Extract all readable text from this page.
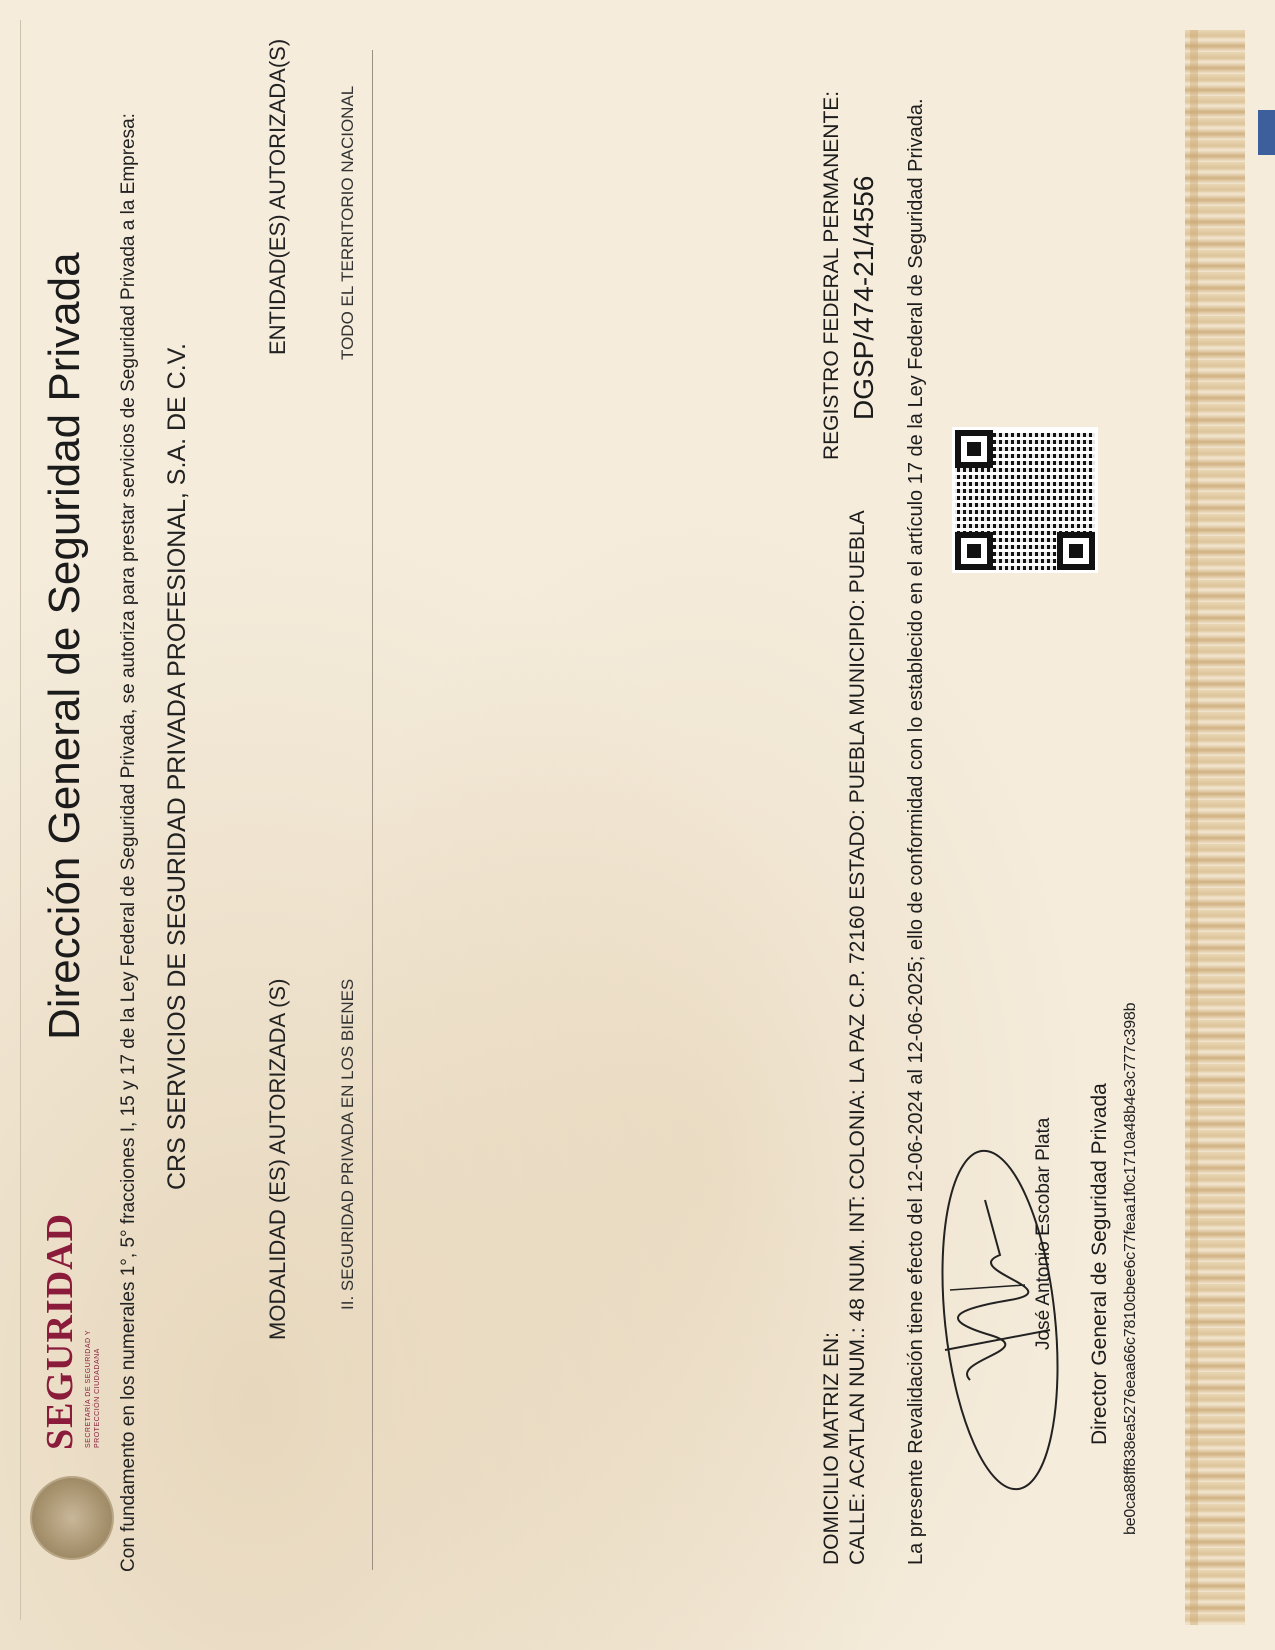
SEGURIDAD SECRETARÍA DE SEGURIDAD Y PROTECCIÓN CIUDADANA
Dirección General de Seguridad Privada Con fundamento en los numerales 1°, 5° fracciones I, 15 y 17 de la Ley Federal de Seguridad Privada, se autoriza para prestar servicios de Seguridad Privada a la Empresa: CRS SERVICIOS DE SEGURIDAD PRIVADA PROFESIONAL, S.A. DE C.V.	MODALIDAD (ES) AUTORIZADA (S)	II. SEGURIDAD PRIVADA EN LOS BIENES
ENTIDAD(ES) AUTORIZADA(S)	TODO EL TERRITORIO NACIONAL
DOMICILIO MATRIZ EN: CALLE: ACATLAN NUM.: 48 NUM. INT: COLONIA: LA PAZ C.P. 72160 ESTADO: PUEBLA MUNICIPIO: PUEBLA
REGISTRO FEDERAL PERMANENTE: DGSP/474-21/4556 La presente Revalidación tiene efecto del 12-06-2024 al 12-06-2025; ello de conformidad con lo establecido en el artículo 17 de la Ley Federal de Seguridad Privada.	José Antonio Escobar Plata Director General de Seguridad Privada be0ca88ff838ea5276eaa66c7810cbee6c77feaa1f0c1710a48b4e3c777c398b
